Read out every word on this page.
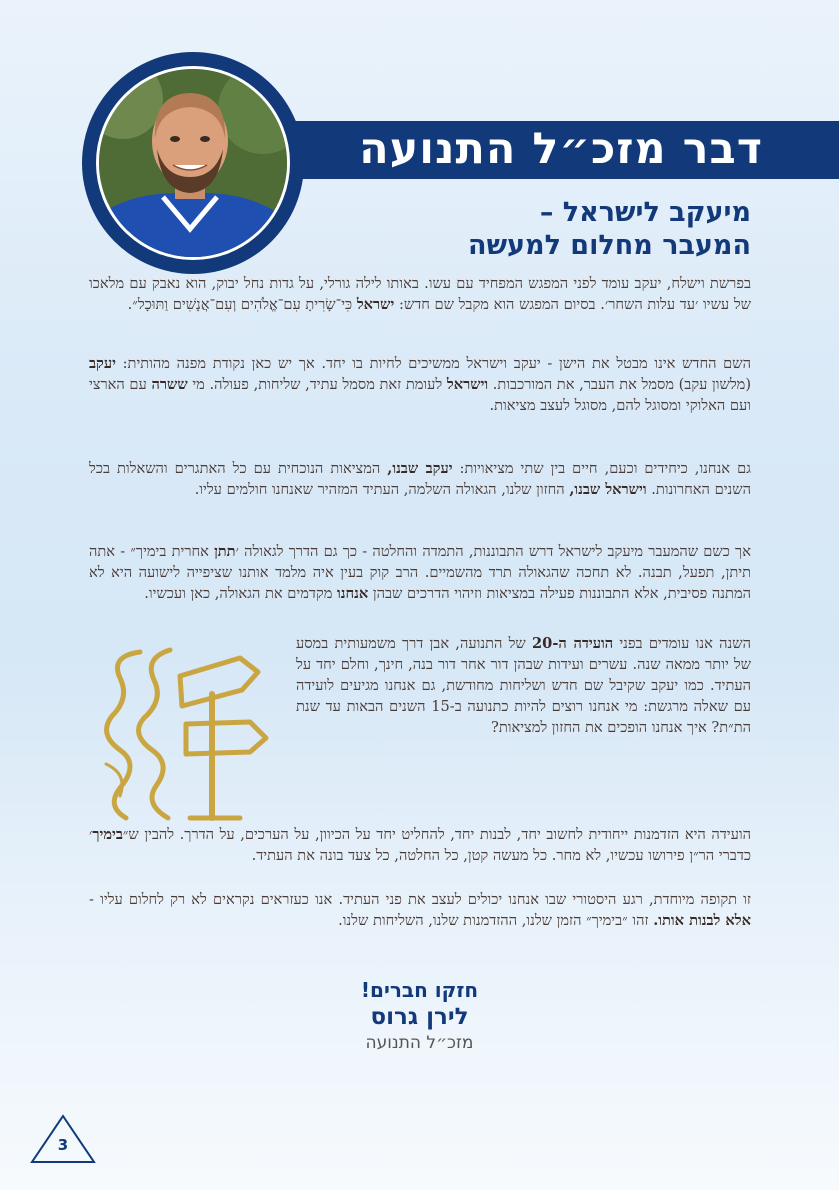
דבר מזכ״ל התנועה
מיעקב לישראל –
המעבר מחלום למעשה

בפרשת וישלח, יעקב עומד לפני המפגש המפחיד עם עשו. באותו לילה גורלי, על גדות נחל יבוק, הוא נאבק עם מלאכו של עשיו ׳עד עלות השחר׳. בסיום המפגש הוא מקבל שם חדש: ישראל כִּי־שָׂרִיתָ עִם־אֱלֹהִים וְעִם־אֲנָשִׁים וַתּוּכָל״.

השם החדש אינו מבטל את הישן - יעקב וישראל ממשיכים לחיות בו יחד. אך יש כאן נקודת מפנה מהותית: יעקב (מלשון עקב) מסמל את העבר, את המורכבות. וישראל לעומת זאת מסמל עתיד, שליחות, פעולה. מי ששרה עם הארצי ועם האלוקי ומסוגל להם, מסוגל לעצב מציאות.

גם אנחנו, כיחידים וכעם, חיים בין שתי מציאויות: יעקב שבנו, המציאות הנוכחית עם כל האתגרים והשאלות בכל השנים האחרונות. וישראל שבנו, החזון שלנו, הגאולה השלמה, העתיד המזהיר שאנחנו חולמים עליו.

אך כשם שהמעבר מיעקב לישראל דרש התבוננות, התמדה והחלטה - כך גם הדרך לגאולה ׳תתן אחרית בימיך״ - אתה תיתן, תפעל, תבנה. לא תחכה שהגאולה תרד מהשמיים. הרב קוק בעין איה מלמד אותנו שציפייה לישועה היא לא המתנה פסיבית, אלא התבוננות פעילה במציאות וזיהוי הדרכים שבהן אנחנו מקדמים את הגאולה, כאן ועכשיו.

השנה אנו עומדים בפני הועידה ה-20 של התנועה, אבן דרך משמעותית במסע של יותר ממאה שנה. עשרים ועידות שבהן דור אחר דור בנה, חינך, וחלם יחד על העתיד. כמו יעקב שקיבל שם חדש ושליחות מחודשת, גם אנחנו מגיעים לועידה עם שאלה מרגשת: מי אנחנו רוצים להיות כתנועה ב-15 השנים הבאות עד שנת הת״ת? איך אנחנו הופכים את החזון למציאות?

הועידה היא הזדמנות ייחודית לחשוב יחד, לבנות יחד, להחליט יחד על הכיוון, על הערכים, על הדרך. להבין ש״בימיך׳ כדברי הר״ן פירושו עכשיו, לא מחר. כל מעשה קטן, כל החלטה, כל צעד בונה את העתיד.

זו תקופה מיוחדת, רגע היסטורי שבו אנחנו יכולים לעצב את פני העתיד. אנו כעזראים נקראים לא רק לחלום עליו - אלא לבנות אותו. זהו ״בימיך״ הזמן שלנו, ההזדמנות שלנו, השליחות שלנו.

חזקו חברים!

לירן גרוס

מזכ״ל התנועה

3
